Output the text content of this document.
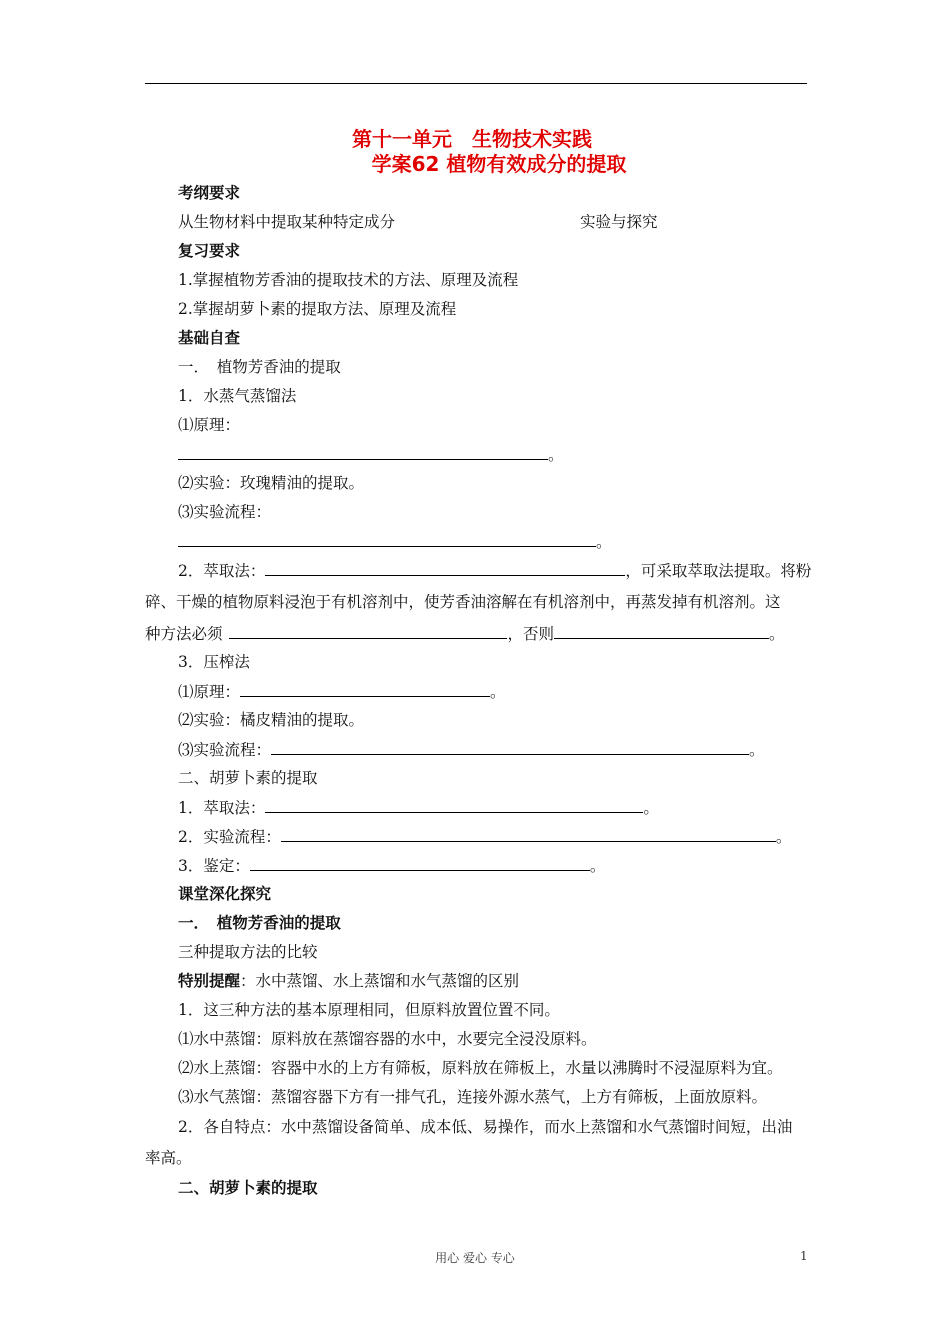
第十一单元　生物技术实践
学案62 植物有效成分的提取
考纲要求
从生物材料中提取某种特定成分	实验与探究
复习要求
1.掌握植物芳香油的提取技术的方法、原理及流程
2.掌握胡萝卜素的提取方法、原理及流程
基础自查
一．　植物芳香油的提取
1．水蒸气蒸馏法
⑴原理：
。
⑵实验：玫瑰精油的提取。
⑶实验流程：
。
2．萃取法：	，可采取萃取法提取。将粉
碎、干燥的植物原料浸泡于有机溶剂中，使芳香油溶解在有机溶剂中，再蒸发掉有机溶剂。这
种方法必须	，否则	。
3．压榨法
⑴原理：	。
⑵实验：橘皮精油的提取。
⑶实验流程：	。
二、胡萝卜素的提取
1．萃取法：	。
2．实验流程：	。
3．鉴定：	。
课堂深化探究
一．　植物芳香油的提取
三种提取方法的比较
特别提醒：水中蒸馏、水上蒸馏和水气蒸馏的区别
1．这三种方法的基本原理相同，但原料放置位置不同。
⑴水中蒸馏：原料放在蒸馏容器的水中，水要完全浸没原料。
⑵水上蒸馏：容器中水的上方有筛板，原料放在筛板上，水量以沸腾时不浸湿原料为宜。
⑶水气蒸馏：蒸馏容器下方有一排气孔，连接外源水蒸气，上方有筛板，上面放原料。
2．各自特点：水中蒸馏设备简单、成本低、易操作，而水上蒸馏和水气蒸馏时间短，出油
率高。
二、胡萝卜素的提取
用心 爱心 专心	1
